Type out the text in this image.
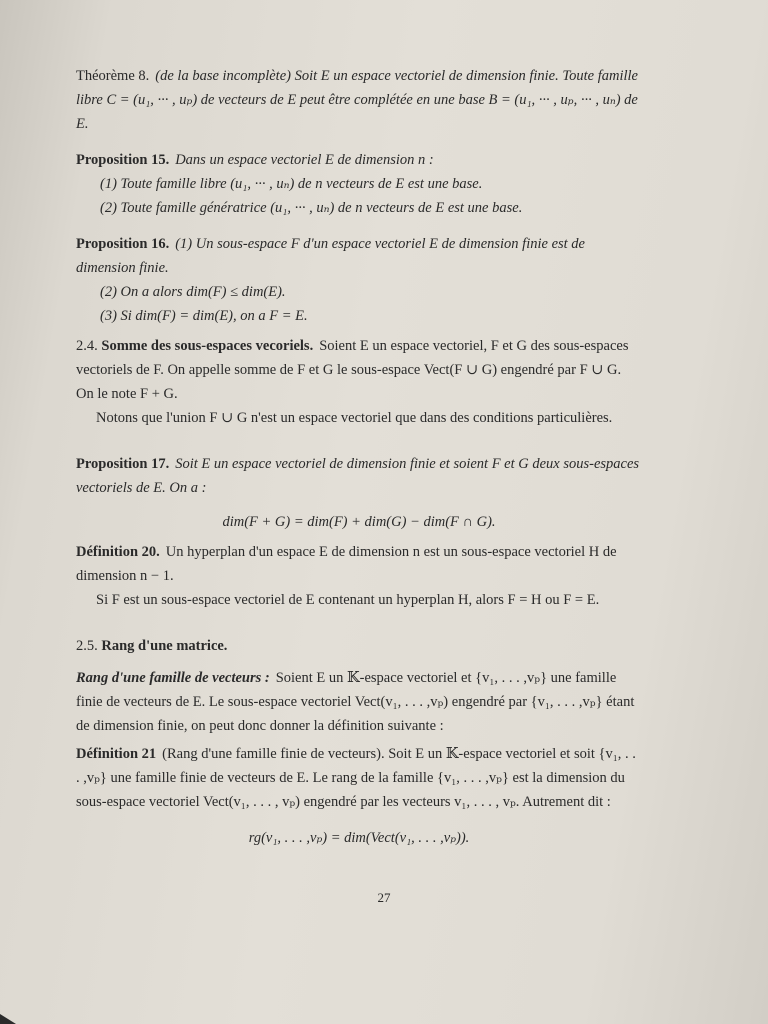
Théorème 8. (de la base incomplète) Soit E un espace vectoriel de dimension finie. Toute famille libre C = (u₁, ··· , uₚ) de vecteurs de E peut être complétée en une base B = (u₁, ··· , uₚ, ··· , uₙ) de E.
Proposition 15. Dans un espace vectoriel E de dimension n :
(1) Toute famille libre (u₁, ··· , uₙ) de n vecteurs de E est une base.
(2) Toute famille génératrice (u₁, ··· , uₙ) de n vecteurs de E est une base.
Proposition 16. (1) Un sous-espace F d'un espace vectoriel E de dimension finie est de dimension finie.
(2) On a alors dim(F) ≤ dim(E).
(3) Si dim(F) = dim(E), on a F = E.
2.4. Somme des sous-espaces vecoriels. Soient E un espace vectoriel, F et G des sous-espaces vectoriels de F. On appelle somme de F et G le sous-espace Vect(F ∪ G) engendré par F ∪ G. On le note F + G.
Notons que l'union F ∪ G n'est un espace vectoriel que dans des conditions particulières.
Proposition 17. Soit E un espace vectoriel de dimension finie et soient F et G deux sous-espaces vectoriels de E. On a :
dim(F + G) = dim(F) + dim(G) − dim(F ∩ G).
Définition 20. Un hyperplan d'un espace E de dimension n est un sous-espace vectoriel H de dimension n − 1.
Si F est un sous-espace vectoriel de E contenant un hyperplan H, alors F = H ou F = E.
2.5. Rang d'une matrice.
Rang d'une famille de vecteurs : Soient E un 𝕂-espace vectoriel et {v₁, . . . ,vₚ} une famille finie de vecteurs de E. Le sous-espace vectoriel Vect(v₁, . . . ,vₚ) engendré par {v₁, . . . ,vₚ} étant de dimension finie, on peut donc donner la définition suivante :
Définition 21 (Rang d'une famille finie de vecteurs). Soit E un 𝕂-espace vectoriel et soit {v₁, . . . ,vₚ} une famille finie de vecteurs de E. Le rang de la famille {v₁, . . . ,vₚ} est la dimension du sous-espace vectoriel Vect(v₁, . . . , vₚ) engendré par les vecteurs v₁, . . . , vₚ. Autrement dit :
rg(v₁, . . . ,vₚ) = dim(Vect(v₁, . . . ,vₚ)).
27
